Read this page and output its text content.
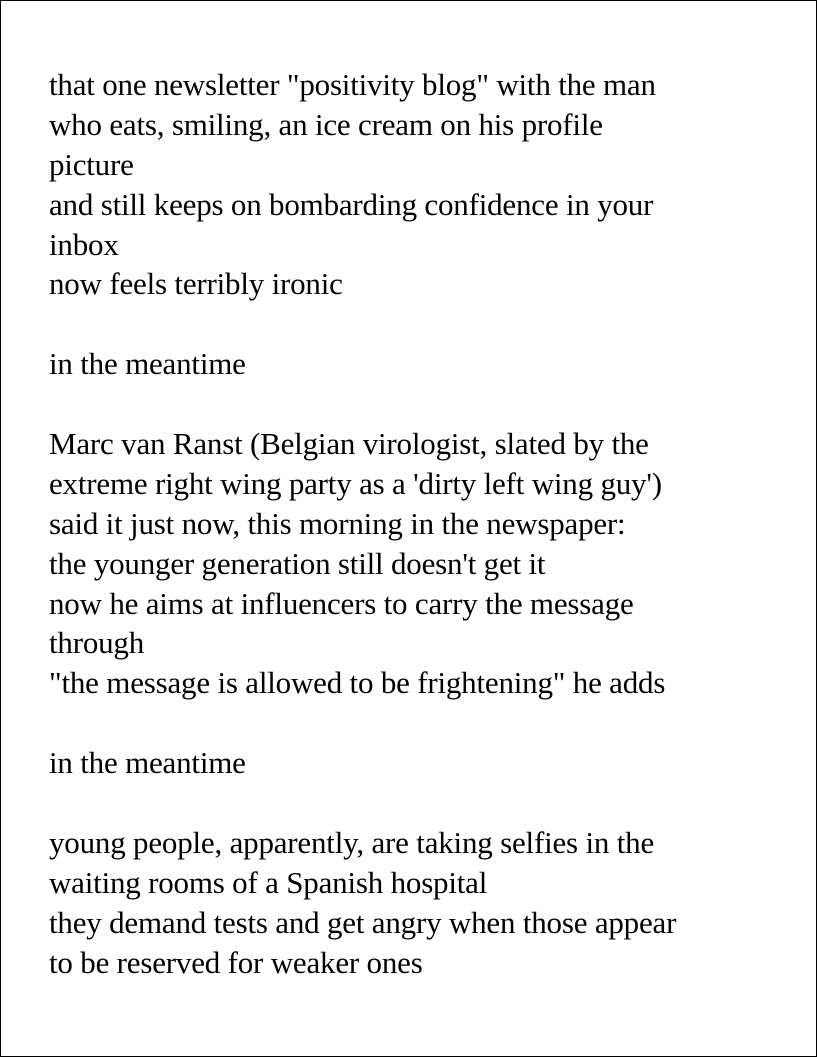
that one newsletter "positivity blog" with the man
who eats, smiling, an ice cream on his profile
picture
and still keeps on bombarding confidence in your
inbox
now feels terribly ironic
in the meantime
Marc van Ranst (Belgian virologist, slated by the
extreme right wing party as a 'dirty left wing guy')
said it just now, this morning in the newspaper:
the younger generation still doesn't get it
now he aims at influencers to carry the message
through
"the message is allowed to be frightening" he adds
in the meantime
young people, apparently, are taking selfies in the
waiting rooms of a Spanish hospital
they demand tests and get angry when those appear
to be reserved for weaker ones
